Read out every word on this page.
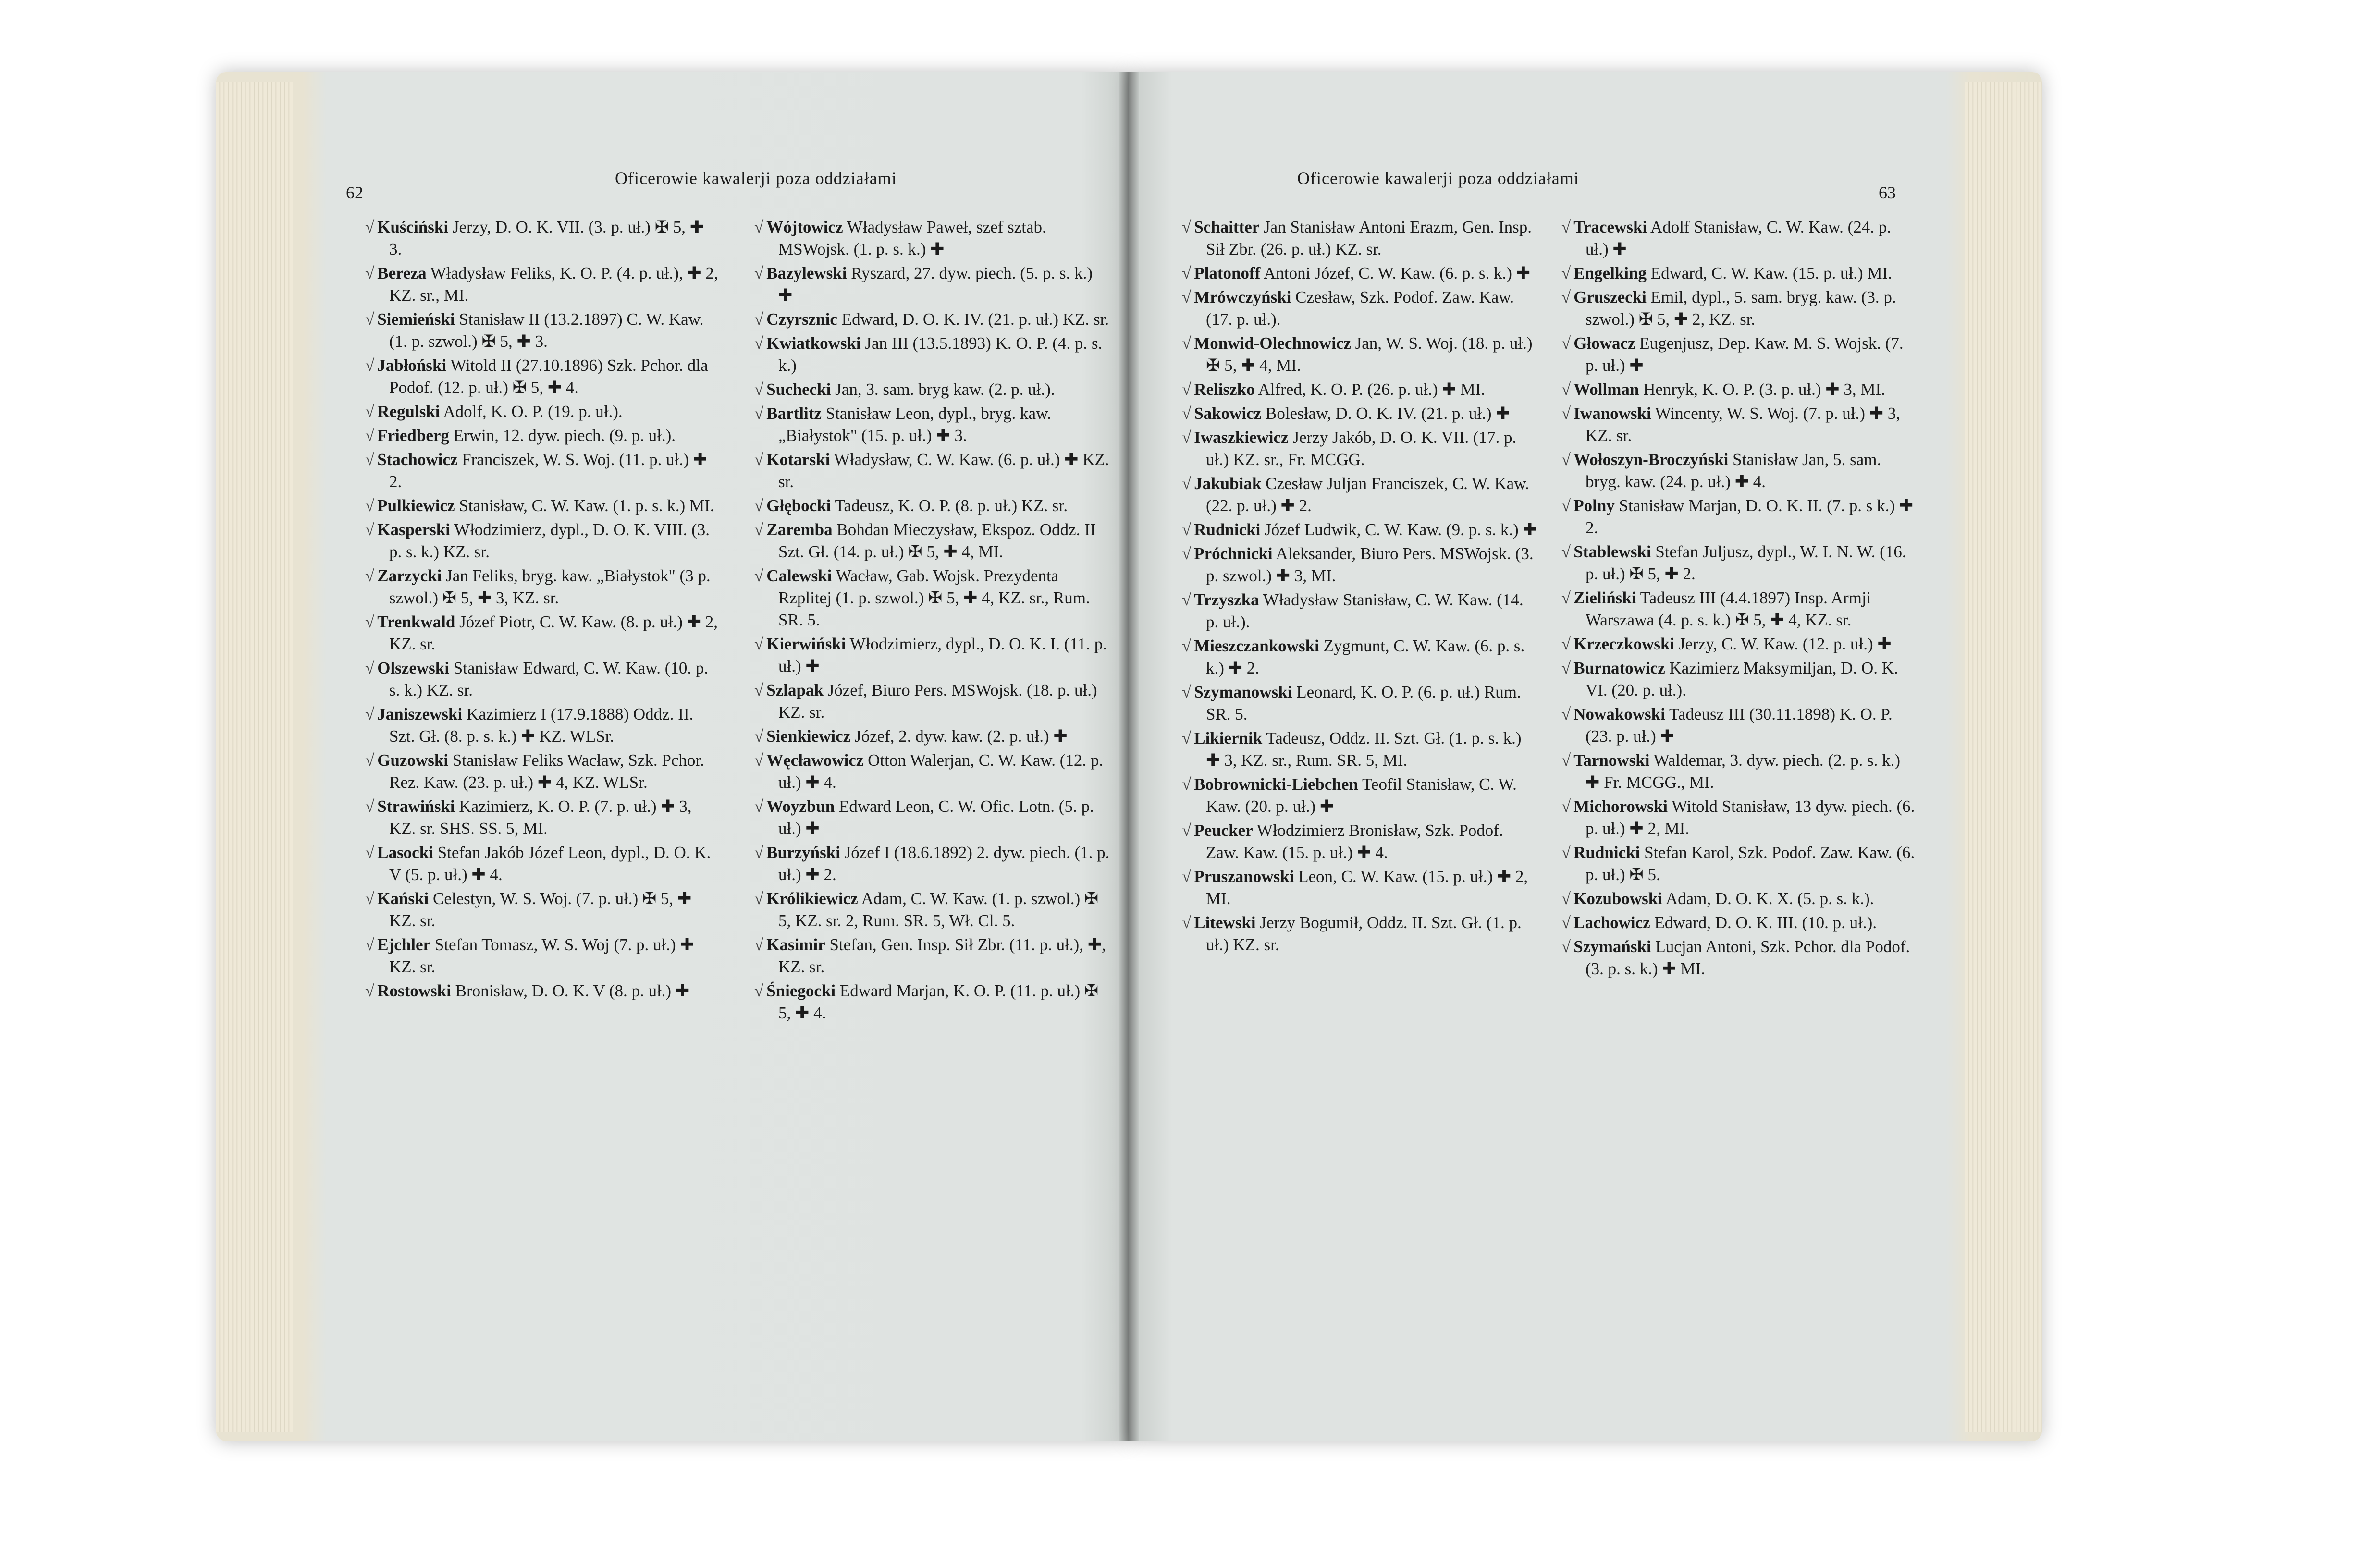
62
Oficerowie kawalerji poza oddziałami
√ Kuściński Jerzy, D. O. K. VII. (3. p. uł.) ✠ 5, ✚ 3.
√ Bereza Władysław Feliks, K. O. P. (4. p. uł.), ✚ 2, KZ. sr., MI.
√ Siemieński Stanisław II (13.2.1897) C. W. Kaw. (1. p. szwol.) ✠ 5, ✚ 3.
√ Jabłoński Witold II (27.10.1896) Szk. Pchor. dla Podof. (12. p. uł.) ✠ 5, ✚ 4.
√ Regulski Adolf, K. O. P. (19. p. uł.).
√ Friedberg Erwin, 12. dyw. piech. (9. p. uł.).
√ Stachowicz Franciszek, W. S. Woj. (11. p. uł.) ✚ 2.
√ Pulkiewicz Stanisław, C. W. Kaw. (1. p. s. k.) MI.
√ Kasperski Włodzimierz, dypl., D. O. K. VIII. (3. p. s. k.) KZ. sr.
√ Zarzycki Jan Feliks, bryg. kaw. „Białystok" (3 p. szwol.) ✠ 5, ✚ 3, KZ. sr.
√ Trenkwald Józef Piotr, C. W. Kaw. (8. p. uł.) ✚ 2, KZ. sr.
√ Olszewski Stanisław Edward, C. W. Kaw. (10. p. s. k.) KZ. sr.
√ Janiszewski Kazimierz I (17.9.1888) Oddz. II. Szt. Gł. (8. p. s. k.) ✚ KZ. WLSr.
√ Guzowski Stanisław Feliks Wacław, Szk. Pchor. Rez. Kaw. (23. p. uł.) ✚ 4, KZ. WLSr.
√ Strawiński Kazimierz, K. O. P. (7. p. uł.) ✚ 3, KZ. sr. SHS. SS. 5, MI.
√ Lasocki Stefan Jakób Józef Leon, dypl., D. O. K. V (5. p. uł.) ✚ 4.
√ Kański Celestyn, W. S. Woj. (7. p. uł.) ✠ 5, ✚ KZ. sr.
√ Ejchler Stefan Tomasz, W. S. Woj (7. p. uł.) ✚ KZ. sr.
√ Rostowski Bronisław, D. O. K. V (8. p. uł.) ✚
√ Wójtowicz Władysław Paweł, szef sztab. MSWojsk. (1. p. s. k.) ✚
√ Bazylewski Ryszard, 27. dyw. piech. (5. p. s. k.) ✚
√ Czyrsznic Edward, D. O. K. IV. (21. p. uł.) KZ. sr.
√ Kwiatkowski Jan III (13.5.1893) K. O. P. (4. p. s. k.)
√ Suchecki Jan, 3. sam. bryg kaw. (2. p. uł.).
√ Bartlitz Stanisław Leon, dypl., bryg. kaw. „Białystok" (15. p. uł.) ✚ 3.
√ Kotarski Władysław, C. W. Kaw. (6. p. uł.) ✚ KZ. sr.
√ Głębocki Tadeusz, K. O. P. (8. p. uł.) KZ. sr.
√ Zaremba Bohdan Mieczysław, Ekspoz. Oddz. II Szt. Gł. (14. p. uł.) ✠ 5, ✚ 4, MI.
√ Calewski Wacław, Gab. Wojsk. Prezydenta Rzplitej (1. p. szwol.) ✠ 5, ✚ 4, KZ. sr., Rum. SR. 5.
√ Kierwiński Włodzimierz, dypl., D. O. K. I. (11. p. uł.) ✚
√ Szlapak Józef, Biuro Pers. MSWojsk. (18. p. uł.) KZ. sr.
√ Sienkiewicz Józef, 2. dyw. kaw. (2. p. uł.) ✚
√ Węcławowicz Otton Walerjan, C. W. Kaw. (12. p. uł.) ✚ 4.
√ Woyzbun Edward Leon, C. W. Ofic. Lotn. (5. p. uł.) ✚
√ Burzyński Józef I (18.6.1892) 2. dyw. piech. (1. p. uł.) ✚ 2.
√ Królikiewicz Adam, C. W. Kaw. (1. p. szwol.) ✠ 5, KZ. sr. 2, Rum. SR. 5, Wł. Cl. 5.
√ Kasimir Stefan, Gen. Insp. Sił Zbr. (11. p. uł.), ✚, KZ. sr.
√ Śniegocki Edward Marjan, K. O. P. (11. p. uł.) ✠ 5, ✚ 4.
Oficerowie kawalerji poza oddziałami
63
√ Schaitter Jan Stanisław Antoni Erazm, Gen. Insp. Sił Zbr. (26. p. uł.) KZ. sr.
√ Platonoff Antoni Józef, C. W. Kaw. (6. p. s. k.) ✚
√ Mrówczyński Czesław, Szk. Podof. Zaw. Kaw. (17. p. uł.).
√ Monwid-Olechnowicz Jan, W. S. Woj. (18. p. uł.) ✠ 5, ✚ 4, MI.
√ Reliszko Alfred, K. O. P. (26. p. uł.) ✚ MI.
√ Sakowicz Bolesław, D. O. K. IV. (21. p. uł.) ✚
√ Iwaszkiewicz Jerzy Jakób, D. O. K. VII. (17. p. uł.) KZ. sr., Fr. MCGG.
√ Jakubiak Czesław Juljan Franciszek, C. W. Kaw. (22. p. uł.) ✚ 2.
√ Rudnicki Józef Ludwik, C. W. Kaw. (9. p. s. k.) ✚
√ Próchnicki Aleksander, Biuro Pers. MSWojsk. (3. p. szwol.) ✚ 3, MI.
√ Trzyszka Władysław Stanisław, C. W. Kaw. (14. p. uł.).
√ Mieszczankowski Zygmunt, C. W. Kaw. (6. p. s. k.) ✚ 2.
√ Szymanowski Leonard, K. O. P. (6. p. uł.) Rum. SR. 5.
√ Likiernik Tadeusz, Oddz. II. Szt. Gł. (1. p. s. k.) ✚ 3, KZ. sr., Rum. SR. 5, MI.
√ Bobrownicki-Liebchen Teofil Stanisław, C. W. Kaw. (20. p. uł.) ✚
√ Peucker Włodzimierz Bronisław, Szk. Podof. Zaw. Kaw. (15. p. uł.) ✚ 4.
√ Pruszanowski Leon, C. W. Kaw. (15. p. uł.) ✚ 2, MI.
√ Litewski Jerzy Bogumił, Oddz. II. Szt. Gł. (1. p. uł.) KZ. sr.
√ Tracewski Adolf Stanisław, C. W. Kaw. (24. p. uł.) ✚
√ Engelking Edward, C. W. Kaw. (15. p. uł.) MI.
√ Gruszecki Emil, dypl., 5. sam. bryg. kaw. (3. p. szwol.) ✠ 5, ✚ 2, KZ. sr.
√ Głowacz Eugenjusz, Dep. Kaw. M. S. Wojsk. (7. p. uł.) ✚
√ Wollman Henryk, K. O. P. (3. p. uł.) ✚ 3, MI.
√ Iwanowski Wincenty, W. S. Woj. (7. p. uł.) ✚ 3, KZ. sr.
√ Wołoszyn-Broczyński Stanisław Jan, 5. sam. bryg. kaw. (24. p. uł.) ✚ 4.
√ Polny Stanisław Marjan, D. O. K. II. (7. p. s k.) ✚ 2.
√ Stablewski Stefan Juljusz, dypl., W. I. N. W. (16. p. uł.) ✠ 5, ✚ 2.
√ Zieliński Tadeusz III (4.4.1897) Insp. Armji Warszawa (4. p. s. k.) ✠ 5, ✚ 4, KZ. sr.
√ Krzeczkowski Jerzy, C. W. Kaw. (12. p. uł.) ✚
√ Burnatowicz Kazimierz Maksymiljan, D. O. K. VI. (20. p. uł.).
√ Nowakowski Tadeusz III (30.11.1898) K. O. P. (23. p. uł.) ✚
√ Tarnowski Waldemar, 3. dyw. piech. (2. p. s. k.) ✚ Fr. MCGG., MI.
√ Michorowski Witold Stanisław, 13 dyw. piech. (6. p. uł.) ✚ 2, MI.
√ Rudnicki Stefan Karol, Szk. Podof. Zaw. Kaw. (6. p. uł.) ✠ 5.
√ Kozubowski Adam, D. O. K. X. (5. p. s. k.).
√ Lachowicz Edward, D. O. K. III. (10. p. uł.).
√ Szymański Lucjan Antoni, Szk. Pchor. dla Podof. (3. p. s. k.) ✚ MI.
